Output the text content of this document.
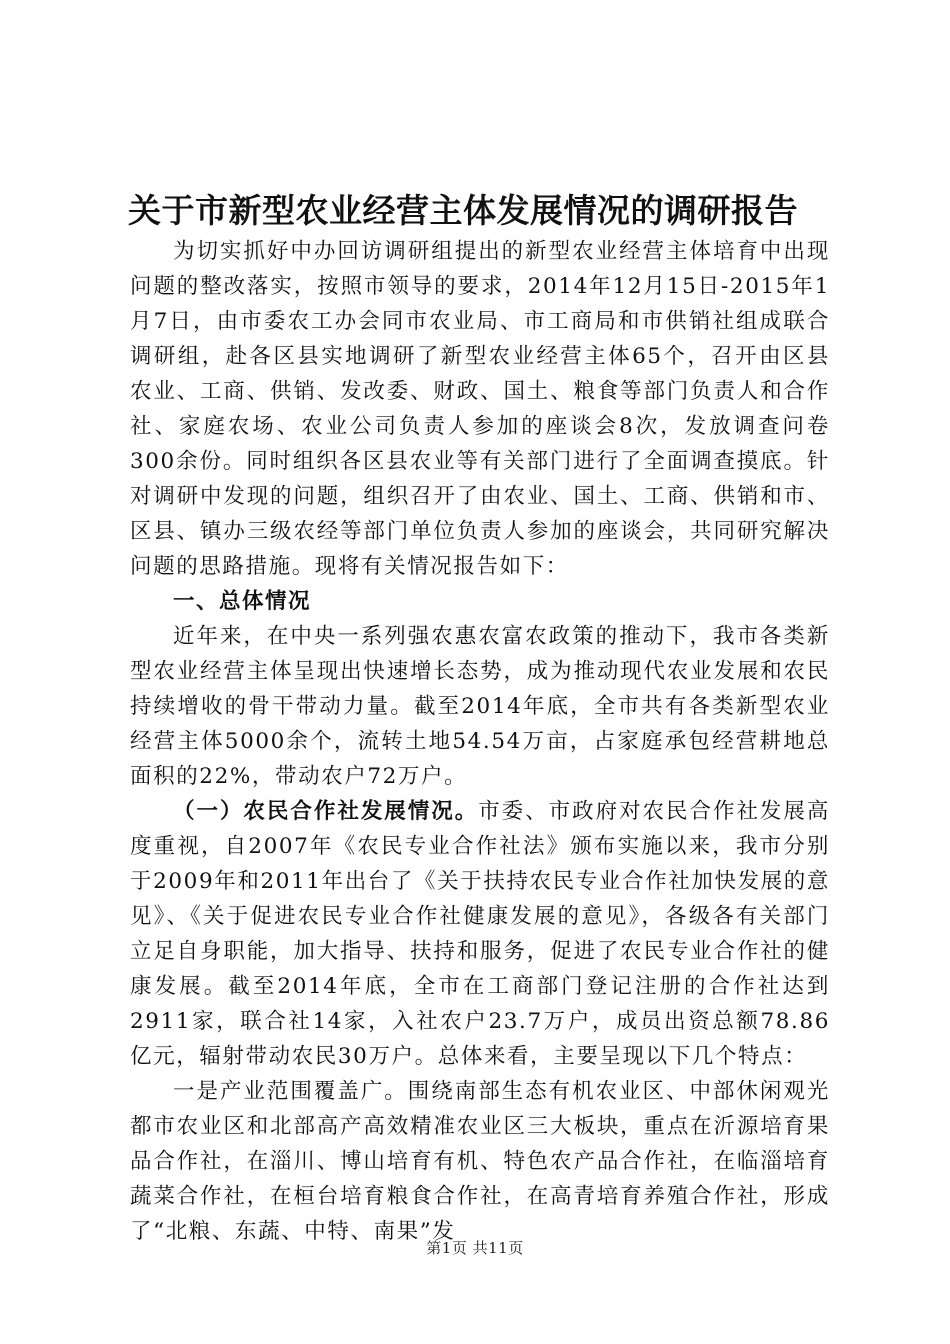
关于市新型农业经营主体发展情况的调研报告

为切实抓好中办回访调研组提出的新型农业经营主体培育中出现问题的整改落实，按照市领导的要求，2014年12月15日-2015年1月7日，由市委农工办会同市农业局、市工商局和市供销社组成联合调研组，赴各区县实地调研了新型农业经营主体65个，召开由区县农业、工商、供销、发改委、财政、国土、粮食等部门负责人和合作社、家庭农场、农业公司负责人参加的座谈会8次，发放调查问卷300余份。同时组织各区县农业等有关部门进行了全面调查摸底。针对调研中发现的问题，组织召开了由农业、国土、工商、供销和市、区县、镇办三级农经等部门单位负责人参加的座谈会，共同研究解决问题的思路措施。现将有关情况报告如下：

一、总体情况

近年来，在中央一系列强农惠农富农政策的推动下，我市各类新型农业经营主体呈现出快速增长态势，成为推动现代农业发展和农民持续增收的骨干带动力量。截至2014年底，全市共有各类新型农业经营主体5000余个，流转土地54.54万亩，占家庭承包经营耕地总面积的22%，带动农户72万户。

（一）农民合作社发展情况。市委、市政府对农民合作社发展高度重视，自2007年《农民专业合作社法》颁布实施以来，我市分别于2009年和2011年出台了《关于扶持农民专业合作社加快发展的意见》、《关于促进农民专业合作社健康发展的意见》，各级各有关部门立足自身职能，加大指导、扶持和服务，促进了农民专业合作社的健康发展。截至2014年底，全市在工商部门登记注册的合作社达到2911家，联合社14家，入社农户23.7万户，成员出资总额78.86亿元，辐射带动农民30万户。总体来看，主要呈现以下几个特点：

一是产业范围覆盖广。围绕南部生态有机农业区、中部休闲观光都市农业区和北部高产高效精准农业区三大板块，重点在沂源培育果品合作社，在淄川、博山培育有机、特色农产品合作社，在临淄培育蔬菜合作社，在桓台培育粮食合作社，在高青培育养殖合作社，形成了“北粮、东蔬、中特、南果”发

第1页 共11页
